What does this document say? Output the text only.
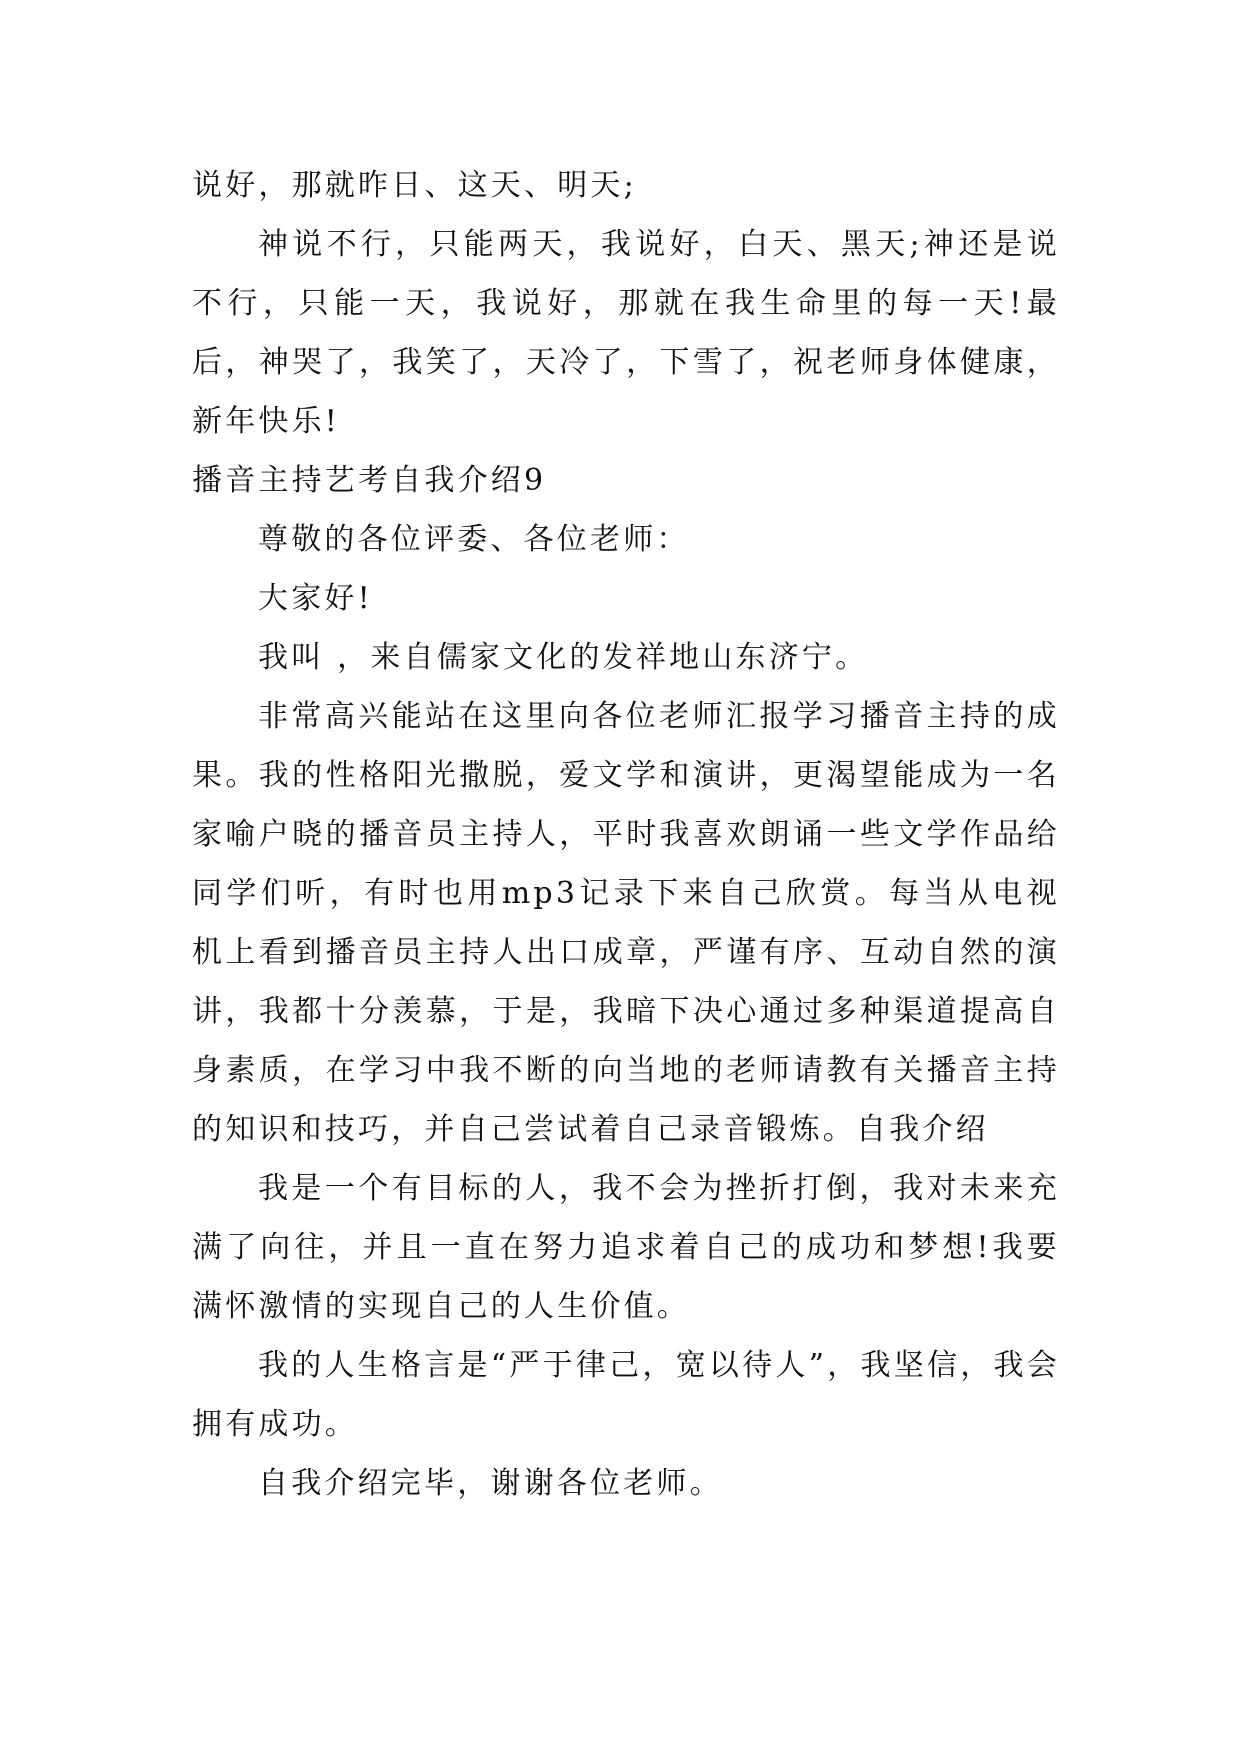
说好，那就昨日、这天、明天;

神说不行，只能两天，我说好，白天、黑天;神还是说不行，只能一天，我说好，那就在我生命里的每一天!最后，神哭了，我笑了，天冷了，下雪了，祝老师身体健康，新年快乐!

播音主持艺考自我介绍9

尊敬的各位评委、各位老师：

大家好!

我叫 ，来自儒家文化的发祥地山东济宁。

非常高兴能站在这里向各位老师汇报学习播音主持的成果。我的性格阳光撒脱，爱文学和演讲，更渴望能成为一名家喻户晓的播音员主持人，平时我喜欢朗诵一些文学作品给同学们听，有时也用mp3记录下来自己欣赏。每当从电视机上看到播音员主持人出口成章，严谨有序、互动自然的演讲，我都十分羡慕，于是，我暗下决心通过多种渠道提高自身素质，在学习中我不断的向当地的老师请教有关播音主持的知识和技巧，并自己尝试着自己录音锻炼。自我介绍

我是一个有目标的人，我不会为挫折打倒，我对未来充满了向往，并且一直在努力追求着自己的成功和梦想!我要满怀激情的实现自己的人生价值。

我的人生格言是“严于律己，宽以待人”，我坚信，我会拥有成功。

自我介绍完毕，谢谢各位老师。
